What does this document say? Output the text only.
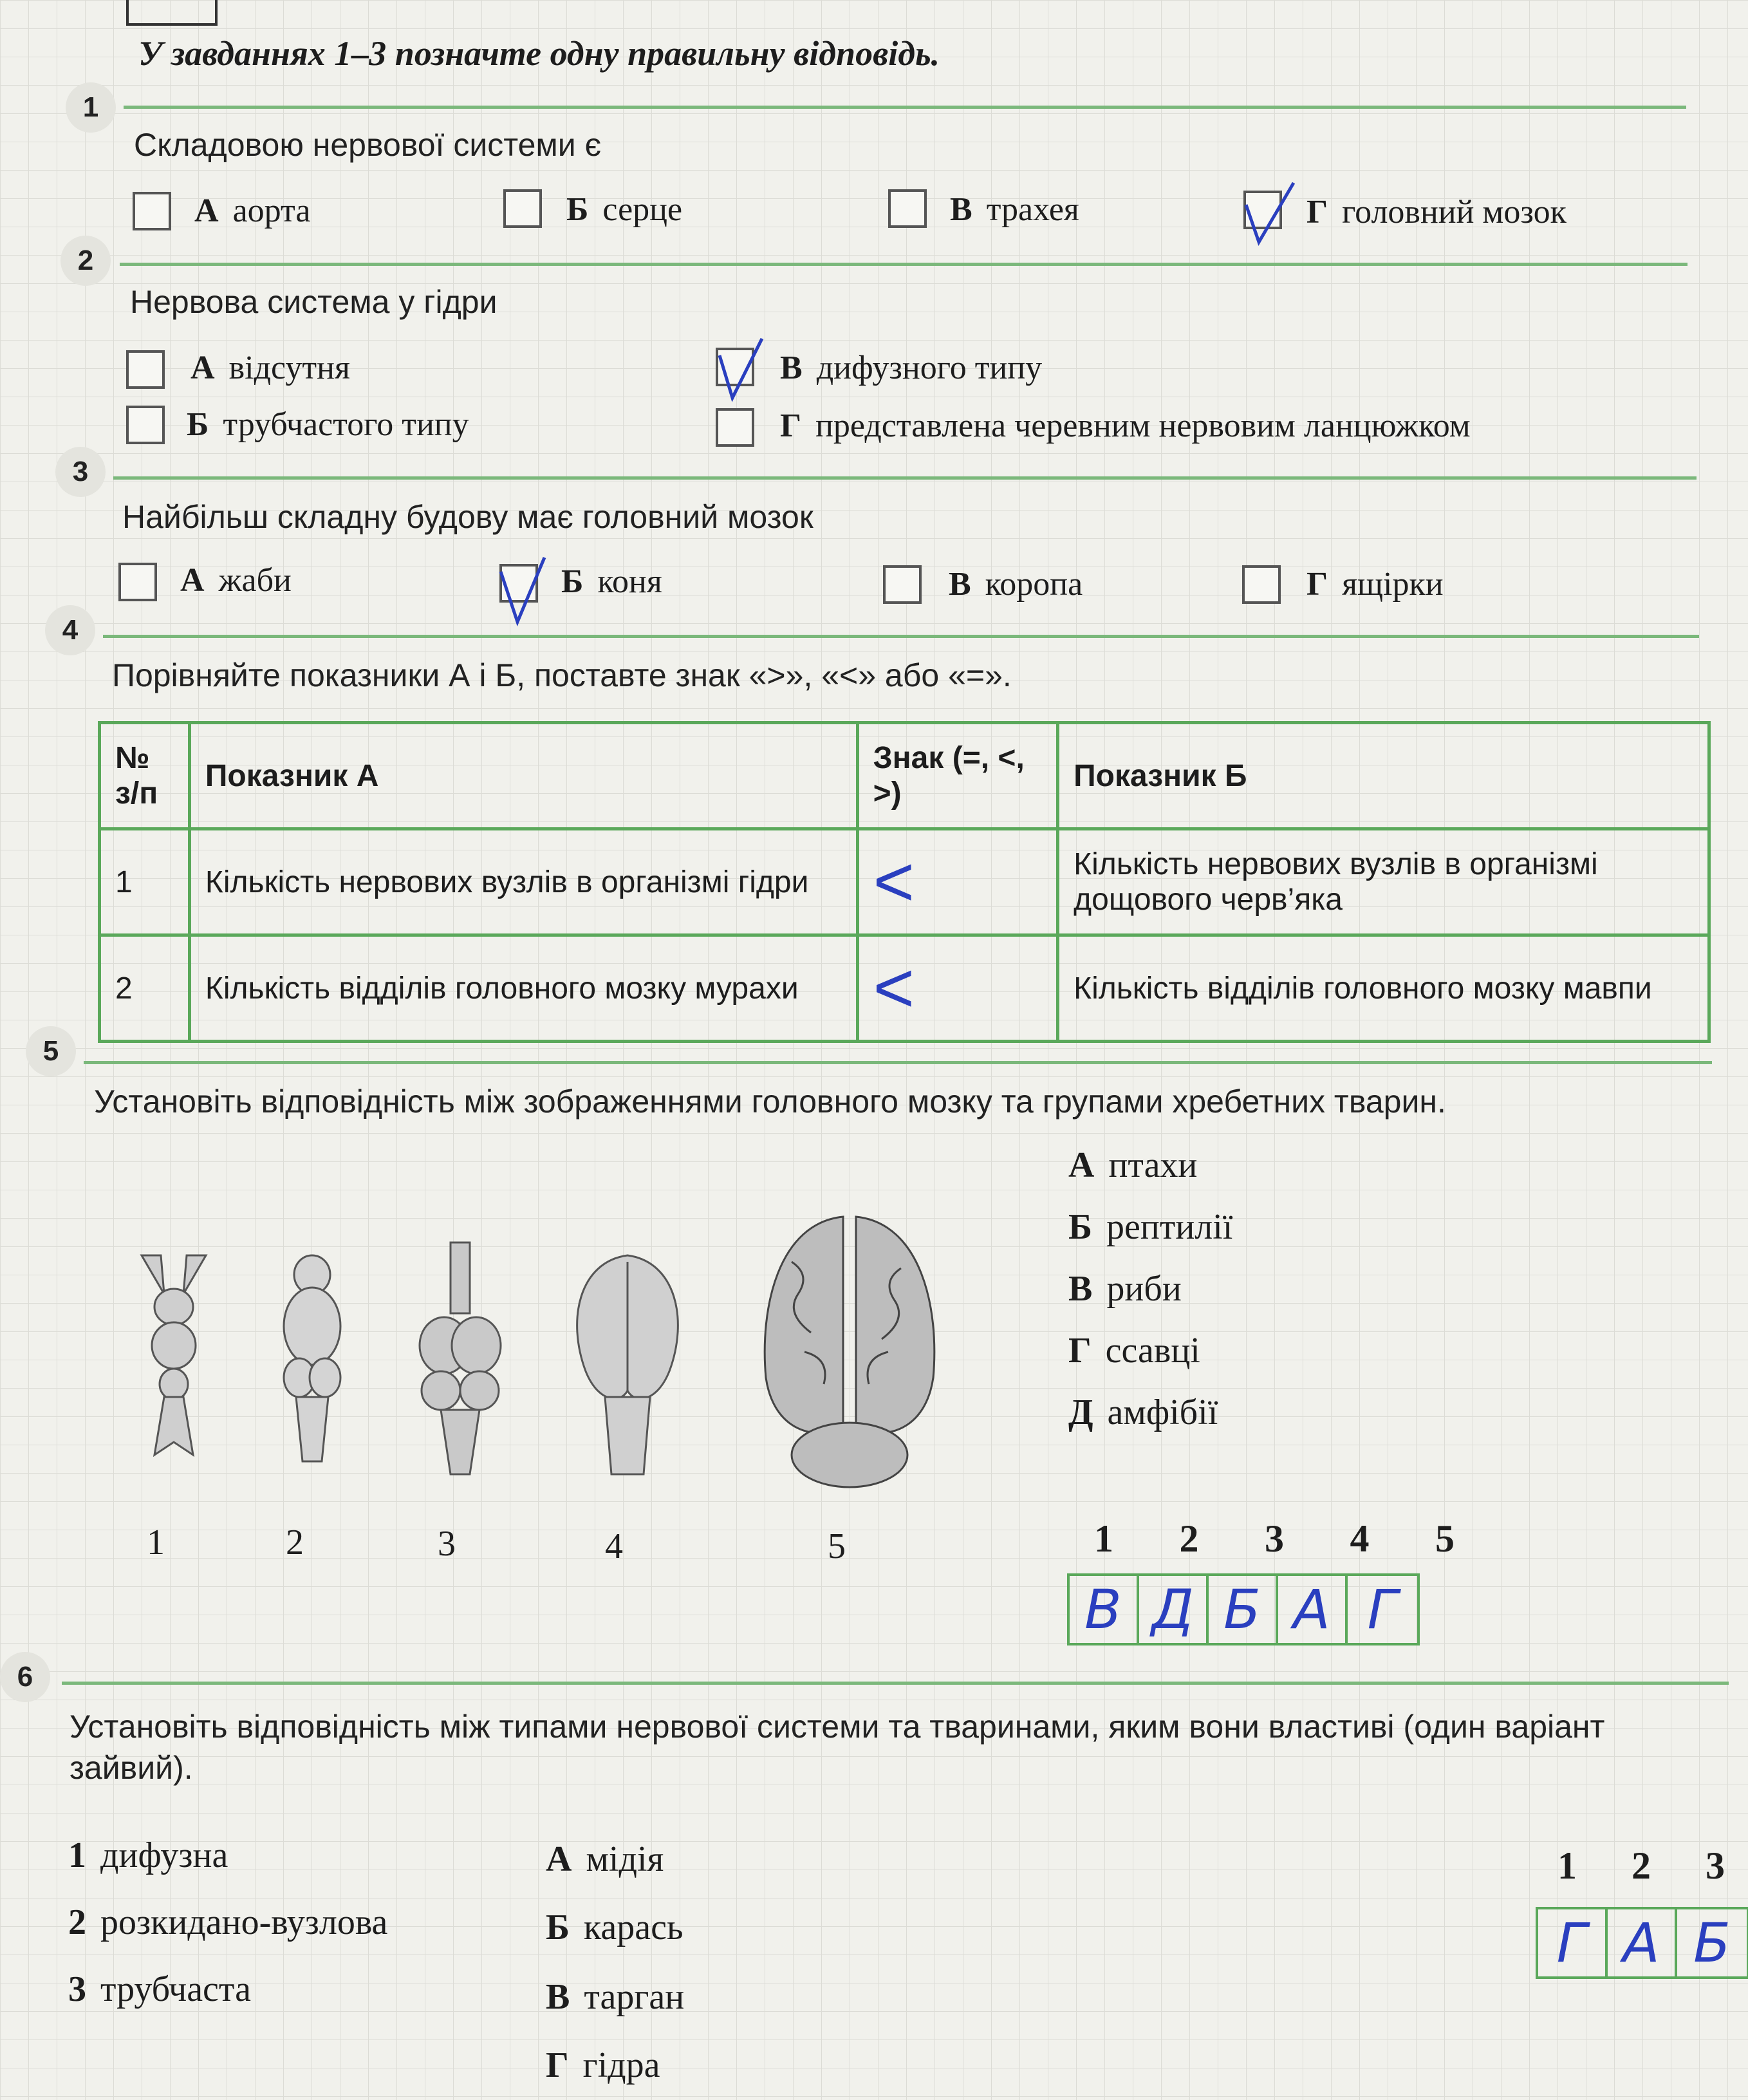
У завданнях 1–3 позначте одну правильну відповідь.
1
Складовою нервової системи є
А аорта	Б серце	В трахея	Г головний мозок
2
Нервова система у гідри
А відсутня	В дифузного типу
Б трубчастого типу	Г представлена черевним нервовим ланцюжком
3
Найбільш складну будову має головний мозок
А жаби	Б коня	В коропа	Г ящірки
4
Порівняйте показники А і Б, поставте знак «>», «<» або «=».
№ з/п	Показник А	Знак (=, <, >)	Показник Б
1	Кількість нервових вузлів в організмі гідри	<	Кількість нервових вузлів в організмі дощового черв’яка
2	Кількість відділів головного мозку мурахи	<	Кількість відділів головного мозку мавпи
5
Установіть відповідність між зображеннями головного мозку та групами хребетних тварин.
1	2	3	4	5
А птахи
Б рептилії
В риби
Г ссавці
Д амфібії
1 2 3 4 5
В Д Б А Г
6
Установіть відповідність між типами нервової системи та тваринами, яким вони властиві (один варіант зайвий).
1 дифузна
2 розкидано-вузлова
3 трубчаста
А мідія
Б карась
В тарган
Г гідра
1 2 3
Г А Б
